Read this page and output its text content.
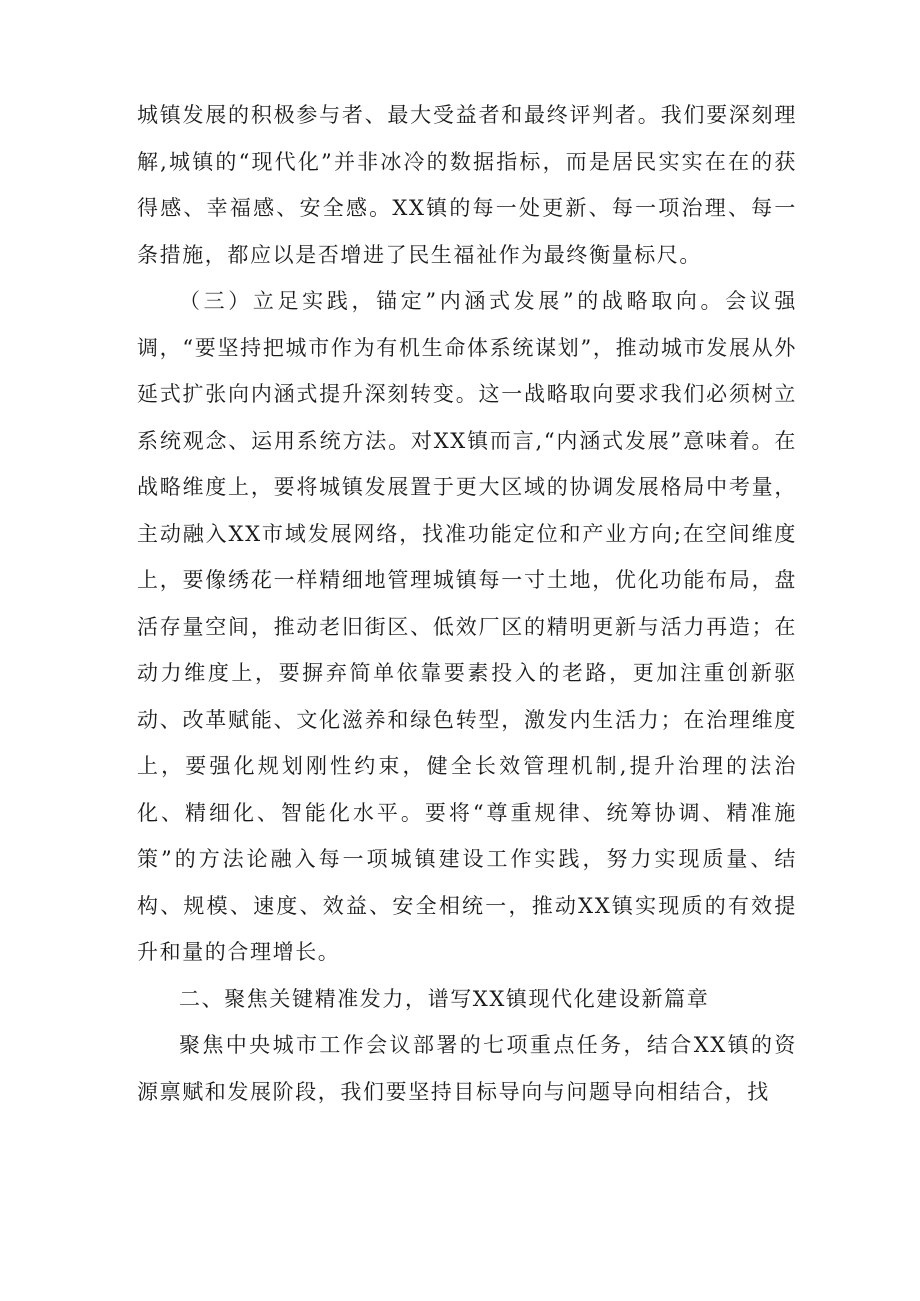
城镇发展的积极参与者、最大受益者和最终评判者。我们要深刻理解,城镇的“现代化”并非冰冷的数据指标，而是居民实实在在的获得感、幸福感、安全感。XX镇的每一处更新、每一项治理、每一条措施，都应以是否增进了民生福祉作为最终衡量标尺。

（三）立足实践，锚定”内涵式发展”的战略取向。会议强调，“要坚持把城市作为有机生命体系统谋划”，推动城市发展从外延式扩张向内涵式提升深刻转变。这一战略取向要求我们必须树立系统观念、运用系统方法。对XX镇而言,“内涵式发展”意味着。在战略维度上，要将城镇发展置于更大区域的协调发展格局中考量，主动融入XX市域发展网络，找准功能定位和产业方向;在空间维度上，要像绣花一样精细地管理城镇每一寸土地，优化功能布局，盘活存量空间，推动老旧街区、低效厂区的精明更新与活力再造；在动力维度上，要摒弃简单依靠要素投入的老路，更加注重创新驱动、改革赋能、文化滋养和绿色转型，激发内生活力；在治理维度上，要强化规划刚性约束，健全长效管理机制,提升治理的法治化、精细化、智能化水平。要将“尊重规律、统筹协调、精准施策”的方法论融入每一项城镇建设工作实践，努力实现质量、结构、规模、速度、效益、安全相统一，推动XX镇实现质的有效提升和量的合理增长。

二、聚焦关键精准发力，谱写XX镇现代化建设新篇章

聚焦中央城市工作会议部署的七项重点任务，结合XX镇的资源禀赋和发展阶段，我们要坚持目标导向与问题导向相结合，找
